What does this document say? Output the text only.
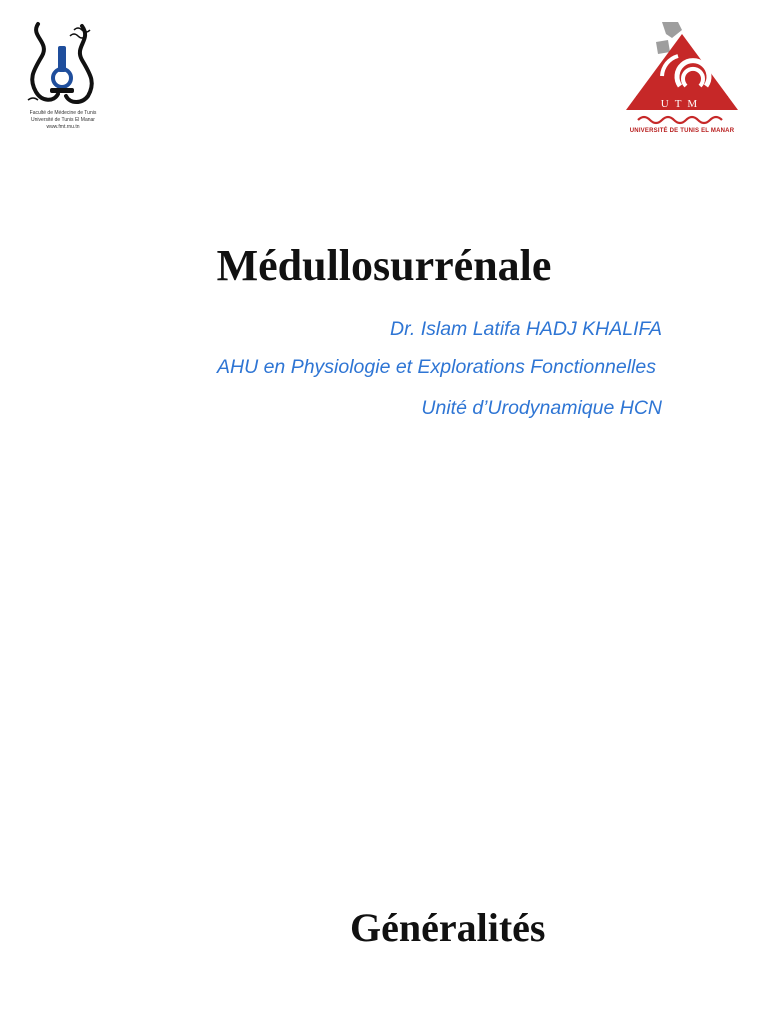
Faculté de Médecine de Tunis
Université de Tunis El Manar
www.fmt.rnu.tn
UTM
UNIVERSITÉ DE TUNIS EL MANAR
Médullosurrénale
Dr. Islam Latifa HADJ KHALIFA
AHU en Physiologie et Explorations Fonctionnelles
Unité d’Urodynamique HCN
Généralités
